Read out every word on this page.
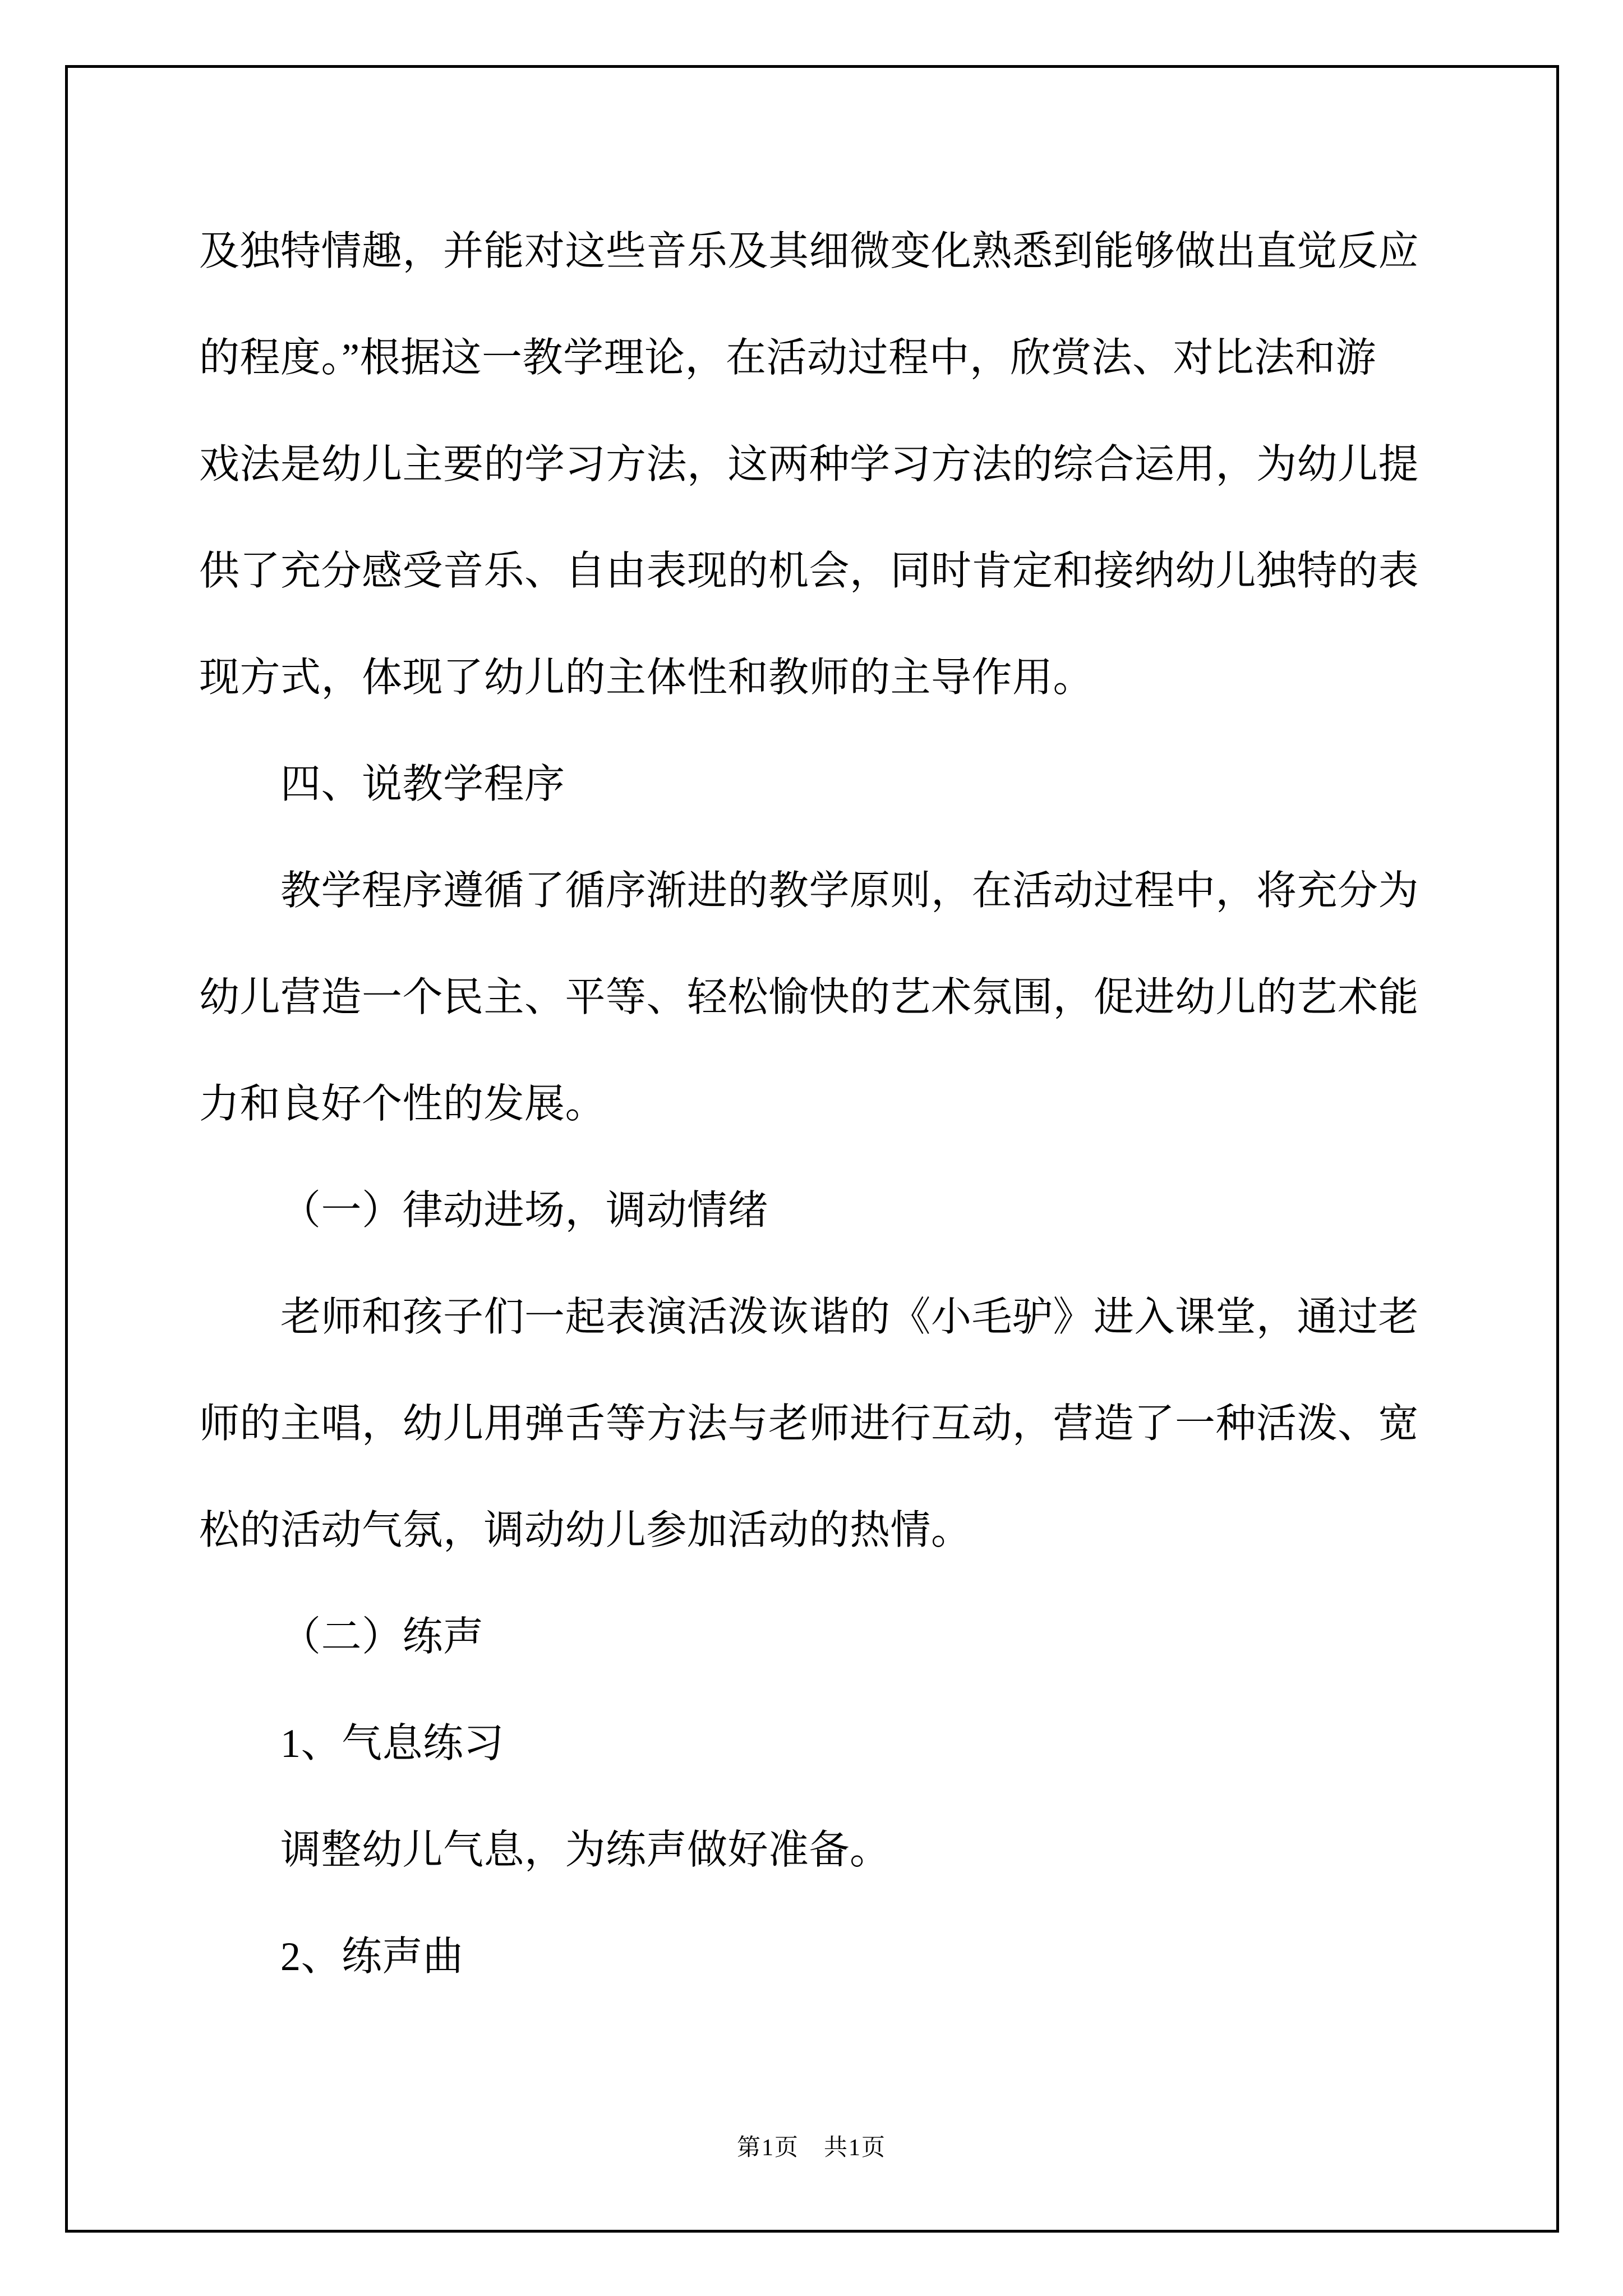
及独特情趣，并能对这些音乐及其细微变化熟悉到能够做出直觉反应

的程度。”根据这一教学理论，在活动过程中，欣赏法、对比法和游

戏法是幼儿主要的学习方法，这两种学习方法的综合运用，为幼儿提

供了充分感受音乐、自由表现的机会，同时肯定和接纳幼儿独特的表

现方式，体现了幼儿的主体性和教师的主导作用。

四、说教学程序

教学程序遵循了循序渐进的教学原则，在活动过程中，将充分为

幼儿营造一个民主、平等、轻松愉快的艺术氛围，促进幼儿的艺术能

力和良好个性的发展。

（一）律动进场，调动情绪

老师和孩子们一起表演活泼诙谐的《小毛驴》进入课堂，通过老

师的主唱，幼儿用弹舌等方法与老师进行互动，营造了一种活泼、宽

松的活动气氛，调动幼儿参加活动的热情。

（二）练声

1、气息练习

调整幼儿气息，为练声做好准备。

2、练声曲

第1页　共1页
